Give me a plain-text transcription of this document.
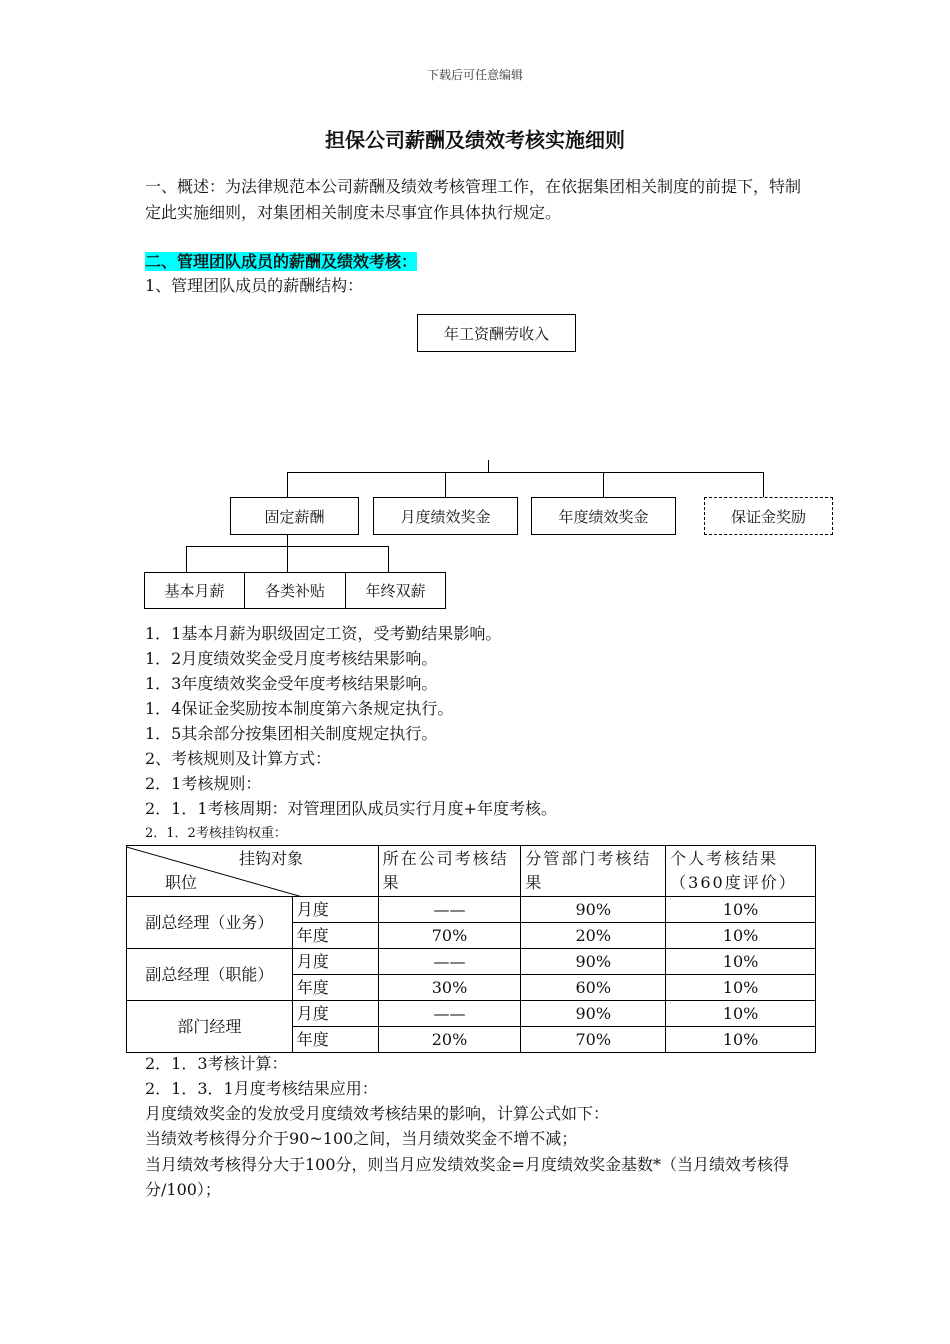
下载后可任意编辑
担保公司薪酬及绩效考核实施细则
一、概述：为法律规范本公司薪酬及绩效考核管理工作，在依据集团相关制度的前提下，特制定此实施细则，对集团相关制度未尽事宜作具体执行规定。
二、管理团队成员的薪酬及绩效考核：
1、管理团队成员的薪酬结构：
年工资酬劳收入
固定薪酬	月度绩效奖金	年度绩效奖金	保证金奖励
基本月薪	各类补贴	年终双薪
1．1基本月薪为职级固定工资，受考勤结果影响。
1．2月度绩效奖金受月度考核结果影响。
1．3年度绩效奖金受年度考核结果影响。
1．4保证金奖励按本制度第六条规定执行。
1．5其余部分按集团相关制度规定执行。
2、考核规则及计算方式：
2．1考核规则：
2．1．1考核周期：对管理团队成员实行月度+年度考核。
2．1．2考核挂钩权重：
挂钩对象
职位		所在公司考核结果	分管部门考核结果	个人考核结果（360度评价）
副总经理（业务）	月度	——	90%	10%
	年度	70%	20%	10%
副总经理（职能）	月度	——	90%	10%
	年度	30%	60%	10%
部门经理	月度	——	90%	10%
	年度	20%	70%	10%
2．1．3考核计算：
2．1．3．1月度考核结果应用：
月度绩效奖金的发放受月度绩效考核结果的影响，计算公式如下：
当绩效考核得分介于90~100之间，当月绩效奖金不增不减；
当月绩效考核得分大于100分，则当月应发绩效奖金=月度绩效奖金基数*（当月绩效考核得分/100）；
